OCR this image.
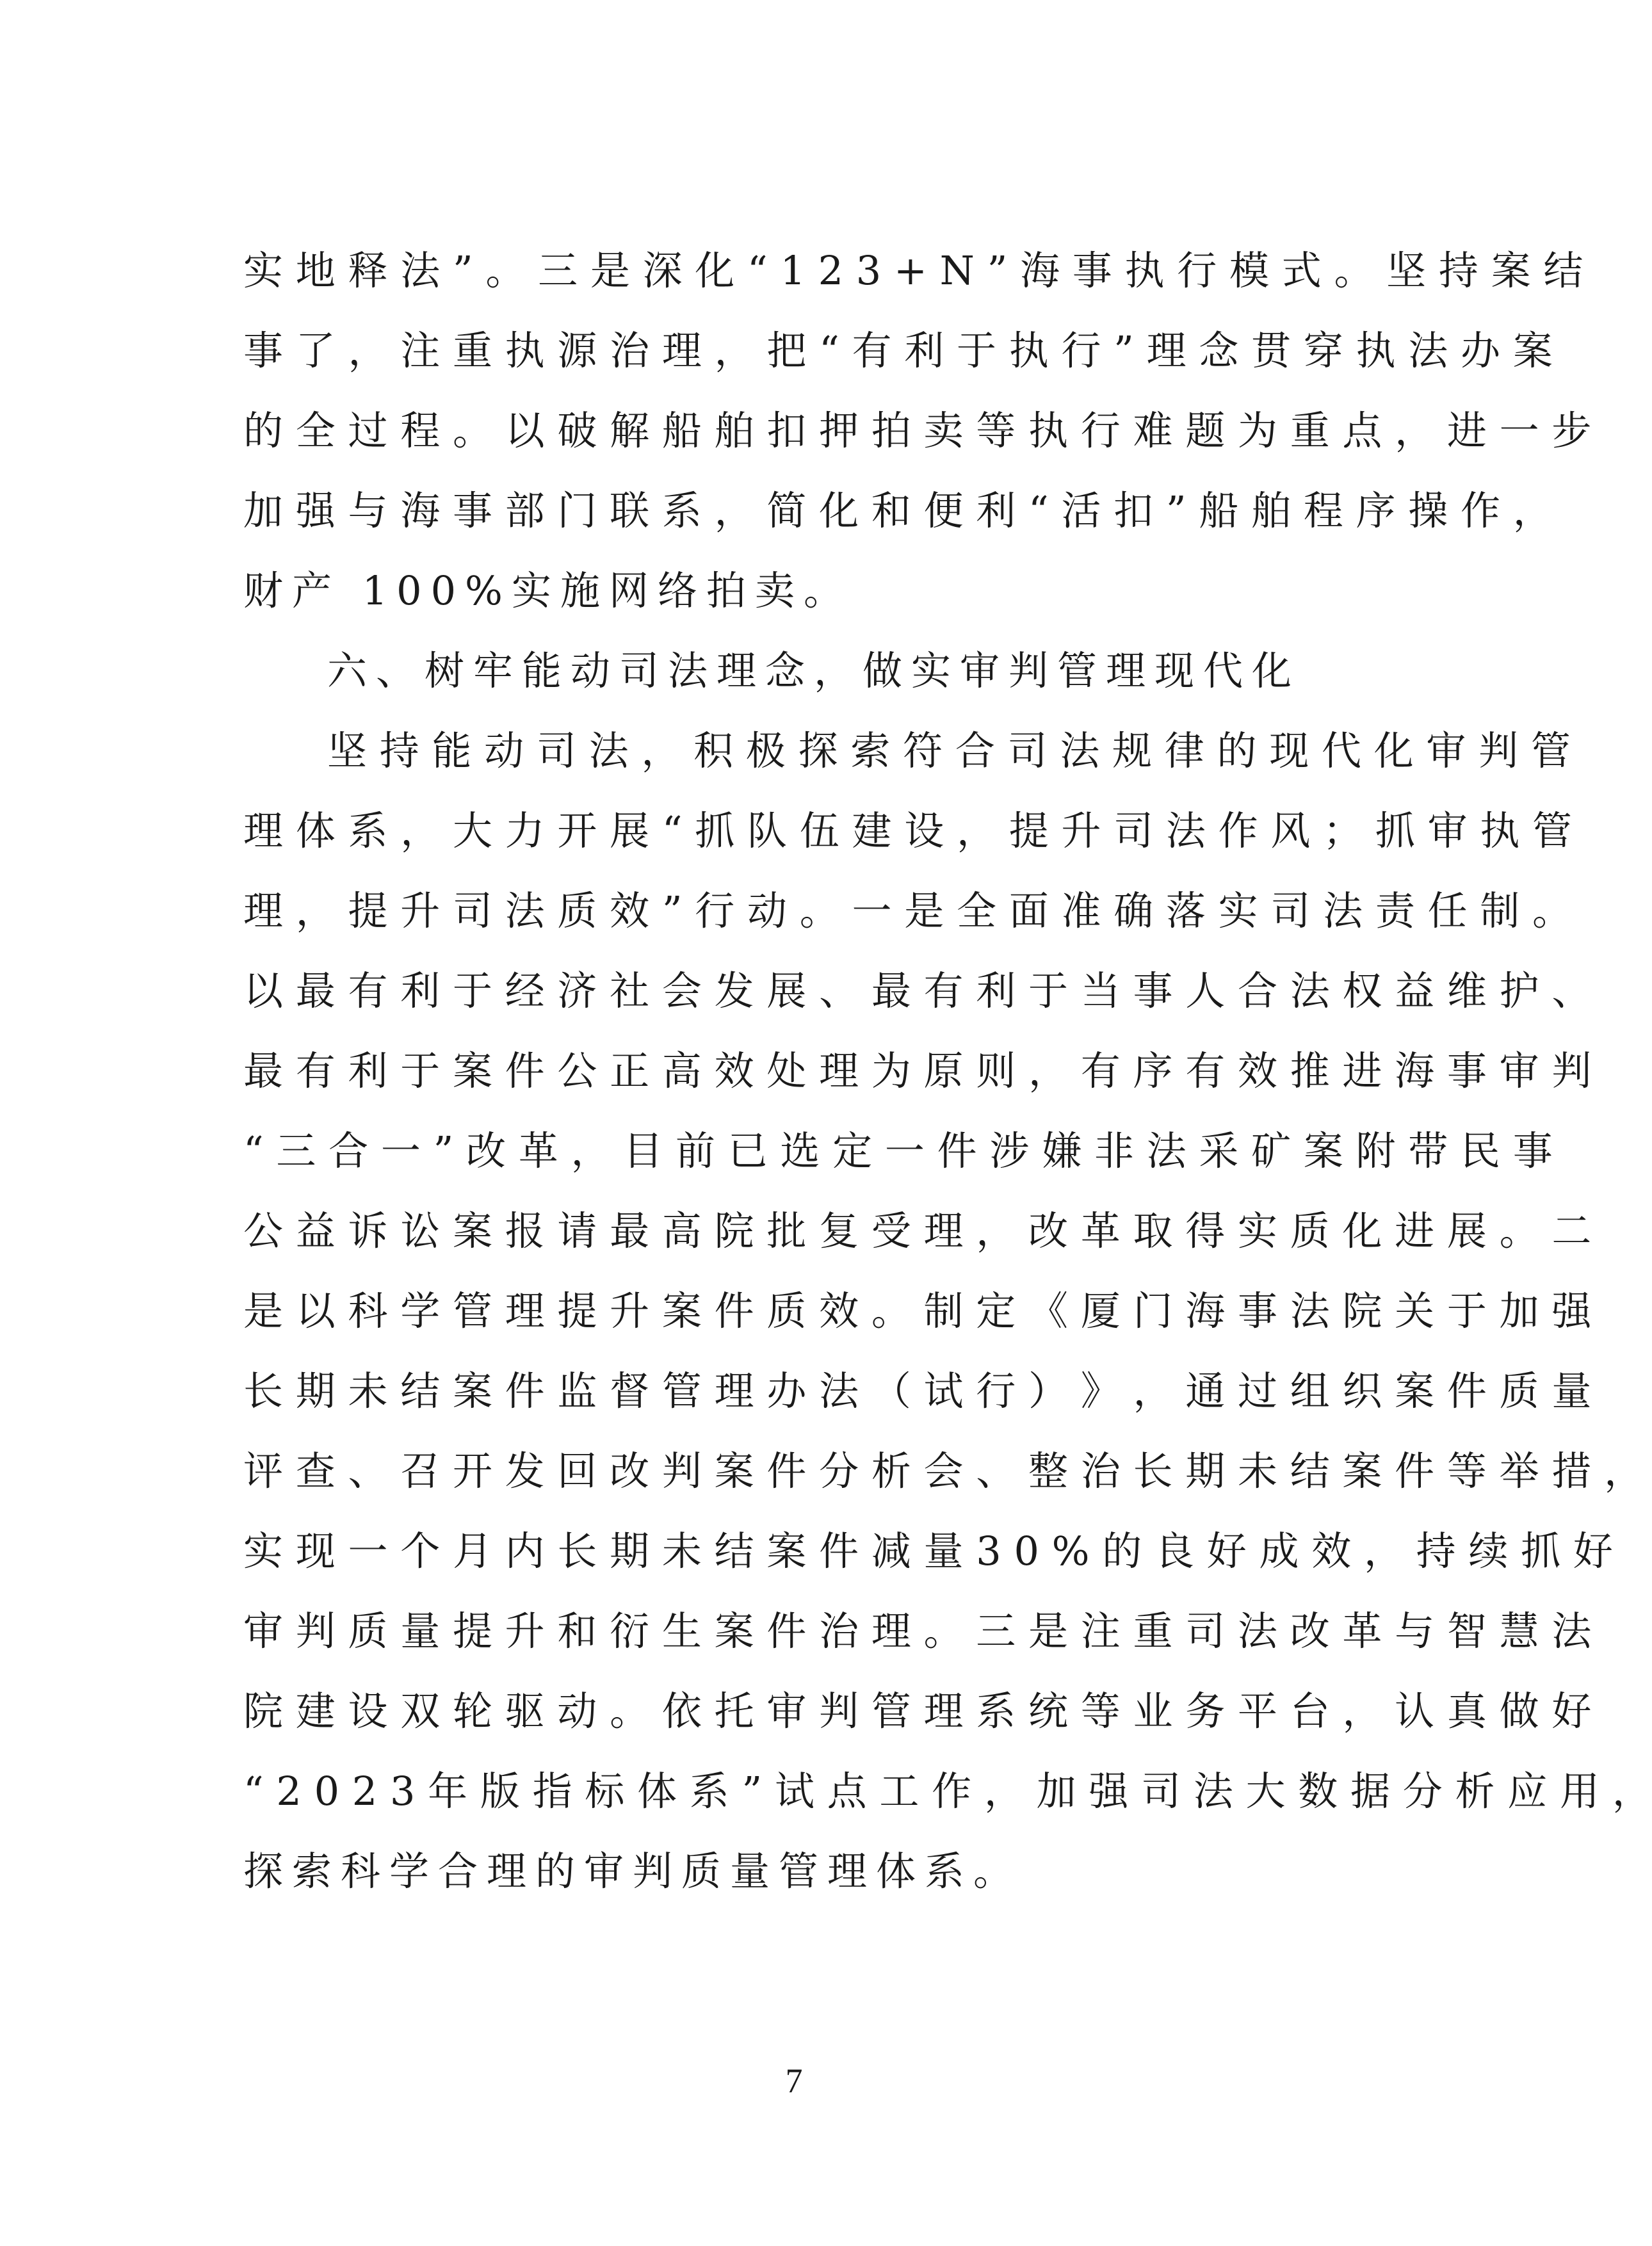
实 地 释 法 ” 。 三 是 深 化 “ 1 2 3 + N ” 海 事 执 行 模 式 。 坚 持 案 结
事 了 ， 注 重 执 源 治 理 ， 把 “ 有 利 于 执 行 ” 理 念 贯 穿 执 法 办 案
的 全 过 程 。 以 破 解 船 舶 扣 押 拍 卖 等 执 行 难 题 为 重 点 ， 进 一 步
加 强 与 海 事 部 门 联 系 ， 简 化 和 便 利 “ 活 扣 ” 船 舶 程 序 操 作 ，
财产 100%实施网络拍卖。
六、树牢能动司法理念，做实审判管理现代化
坚 持 能 动 司 法 ， 积 极 探 索 符 合 司 法 规 律 的 现 代 化 审 判 管
理 体 系 ， 大 力 开 展 “ 抓 队 伍 建 设 ， 提 升 司 法 作 风 ； 抓 审 执 管
理 ， 提 升 司 法 质 效 ” 行 动 。 一 是 全 面 准 确 落 实 司 法 责 任 制 。
以 最 有 利 于 经 济 社 会 发 展 、 最 有 利 于 当 事 人 合 法 权 益 维 护 、
最 有 利 于 案 件 公 正 高 效 处 理 为 原 则 ， 有 序 有 效 推 进 海 事 审 判
“ 三 合 一 ” 改 革 ， 目 前 已 选 定 一 件 涉 嫌 非 法 采 矿 案 附 带 民 事
公 益 诉 讼 案 报 请 最 高 院 批 复 受 理 ， 改 革 取 得 实 质 化 进 展 。 二
是 以 科 学 管 理 提 升 案 件 质 效 。 制 定 《 厦 门 海 事 法 院 关 于 加 强
长 期 未 结 案 件 监 督 管 理 办 法 （ 试 行 ） 》 ， 通 过 组 织 案 件 质 量
评 查 、 召 开 发 回 改 判 案 件 分 析 会 、 整 治 长 期 未 结 案 件 等 举 措 ，
实 现 一 个 月 内 长 期 未 结 案 件 减 量 3 0 % 的 良 好 成 效 ， 持 续 抓 好
审 判 质 量 提 升 和 衍 生 案 件 治 理 。 三 是 注 重 司 法 改 革 与 智 慧 法
院 建 设 双 轮 驱 动 。 依 托 审 判 管 理 系 统 等 业 务 平 台 ， 认 真 做 好
“ 2 0 2 3 年 版 指 标 体 系 ” 试 点 工 作 ， 加 强 司 法 大 数 据 分 析 应 用 ，
探索科学合理的审判质量管理体系。
7
